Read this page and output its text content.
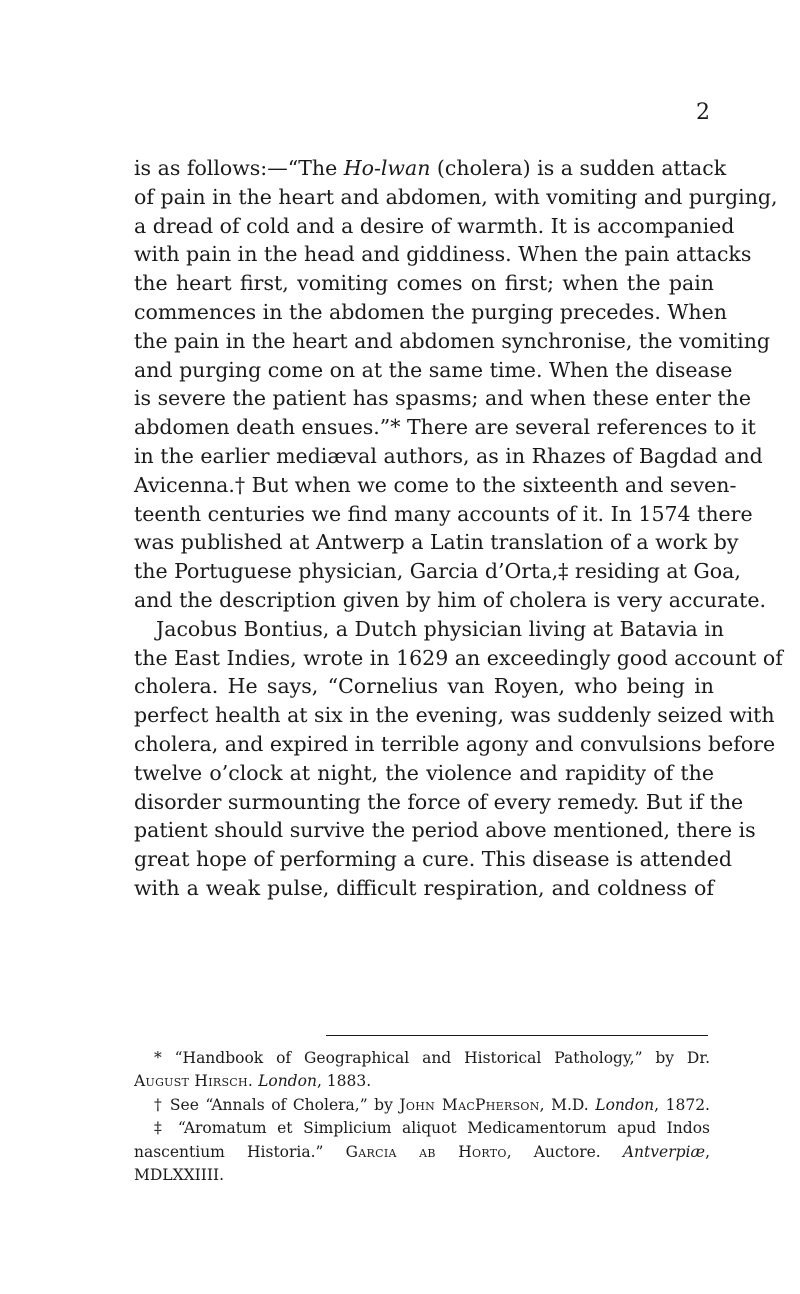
2
is as follows:—“The Ho-lwan (cholera) is a sudden attack
of pain in the heart and abdomen, with vomiting and purging,
a dread of cold and a desire of warmth. It is accompanied
with pain in the head and giddiness. When the pain attacks
the heart first, vomiting comes on first; when the pain
commences in the abdomen the purging precedes. When
the pain in the heart and abdomen synchronise, the vomiting
and purging come on at the same time. When the disease
is severe the patient has spasms; and when these enter the
abdomen death ensues.”* There are several references to it
in the earlier mediæval authors, as in Rhazes of Bagdad and
Avicenna.† But when we come to the sixteenth and seven-
teenth centuries we find many accounts of it. In 1574 there
was published at Antwerp a Latin translation of a work by
the Portuguese physician, Garcia d’Orta,‡ residing at Goa,
and the description given by him of cholera is very accurate.
Jacobus Bontius, a Dutch physician living at Batavia in
the East Indies, wrote in 1629 an exceedingly good account of
cholera. He says, “Cornelius van Royen, who being in
perfect health at six in the evening, was suddenly seized with
cholera, and expired in terrible agony and convulsions before
twelve o’clock at night, the violence and rapidity of the
disorder surmounting the force of every remedy. But if the
patient should survive the period above mentioned, there is
great hope of performing a cure. This disease is attended
with a weak pulse, difficult respiration, and coldness of
* “Handbook of Geographical and Historical Pathology,” by Dr.
August Hirsch. London, 1883.
† See “Annals of Cholera,” by John MacPherson, M.D. London, 1872.
‡ “Aromatum et Simplicium aliquot Medicamentorum apud Indos
nascentium Historia.” Garcia ab Horto, Auctore. Antverpiæ,
MDLXXIIII.
